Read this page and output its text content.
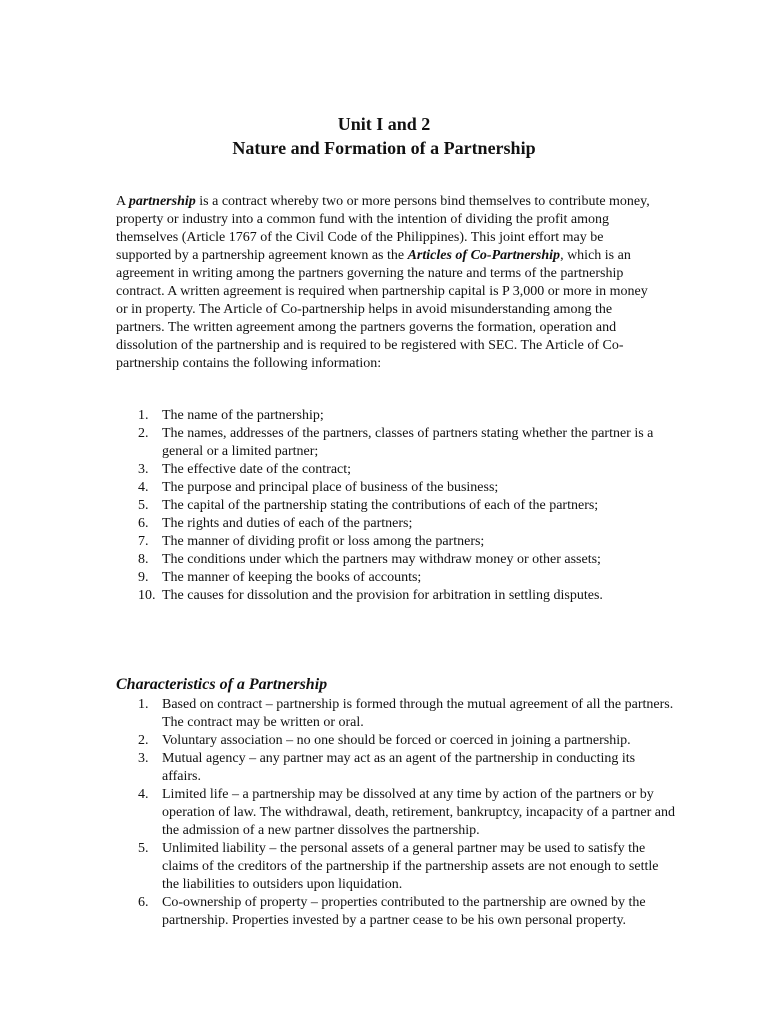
Unit I and 2

Nature and Formation of a Partnership

A partnership is a contract whereby two or more persons bind themselves to contribute money, property or industry into a common fund with the intention of dividing the profit among themselves (Article 1767 of the Civil Code of the Philippines). This joint effort may be supported by a partnership agreement known as the Articles of Co-Partnership, which is an agreement in writing among the partners governing the nature and terms of the partnership contract. A written agreement is required when partnership capital is P 3,000 or more in money or in property. The Article of Co-partnership helps in avoid misunderstanding among the partners. The written agreement among the partners governs the formation, operation and dissolution of the partnership and is required to be registered with SEC. The Article of Co-partnership contains the following information:

1. The name of the partnership;
2. The names, addresses of the partners, classes of partners stating whether the partner is a general or a limited partner;
3. The effective date of the contract;
4. The purpose and principal place of business of the business;
5. The capital of the partnership stating the contributions of each of the partners;
6. The rights and duties of each of the partners;
7. The manner of dividing profit or loss among the partners;
8. The conditions under which the partners may withdraw money or other assets;
9. The manner of keeping the books of accounts;
10. The causes for dissolution and the provision for arbitration in settling disputes.
Characteristics of a Partnership
1. Based on contract – partnership is formed through the mutual agreement of all the partners. The contract may be written or oral.
2. Voluntary association – no one should be forced or coerced in joining a partnership.
3. Mutual agency – any partner may act as an agent of the partnership in conducting its affairs.
4. Limited life – a partnership may be dissolved at any time by action of the partners or by operation of law. The withdrawal, death, retirement, bankruptcy, incapacity of a partner and the admission of a new partner dissolves the partnership.
5. Unlimited liability – the personal assets of a general partner may be used to satisfy the claims of the creditors of the partnership if the partnership assets are not enough to settle the liabilities to outsiders upon liquidation.
6. Co-ownership of property – properties contributed to the partnership are owned by the partnership. Properties invested by a partner cease to be his own personal property.
